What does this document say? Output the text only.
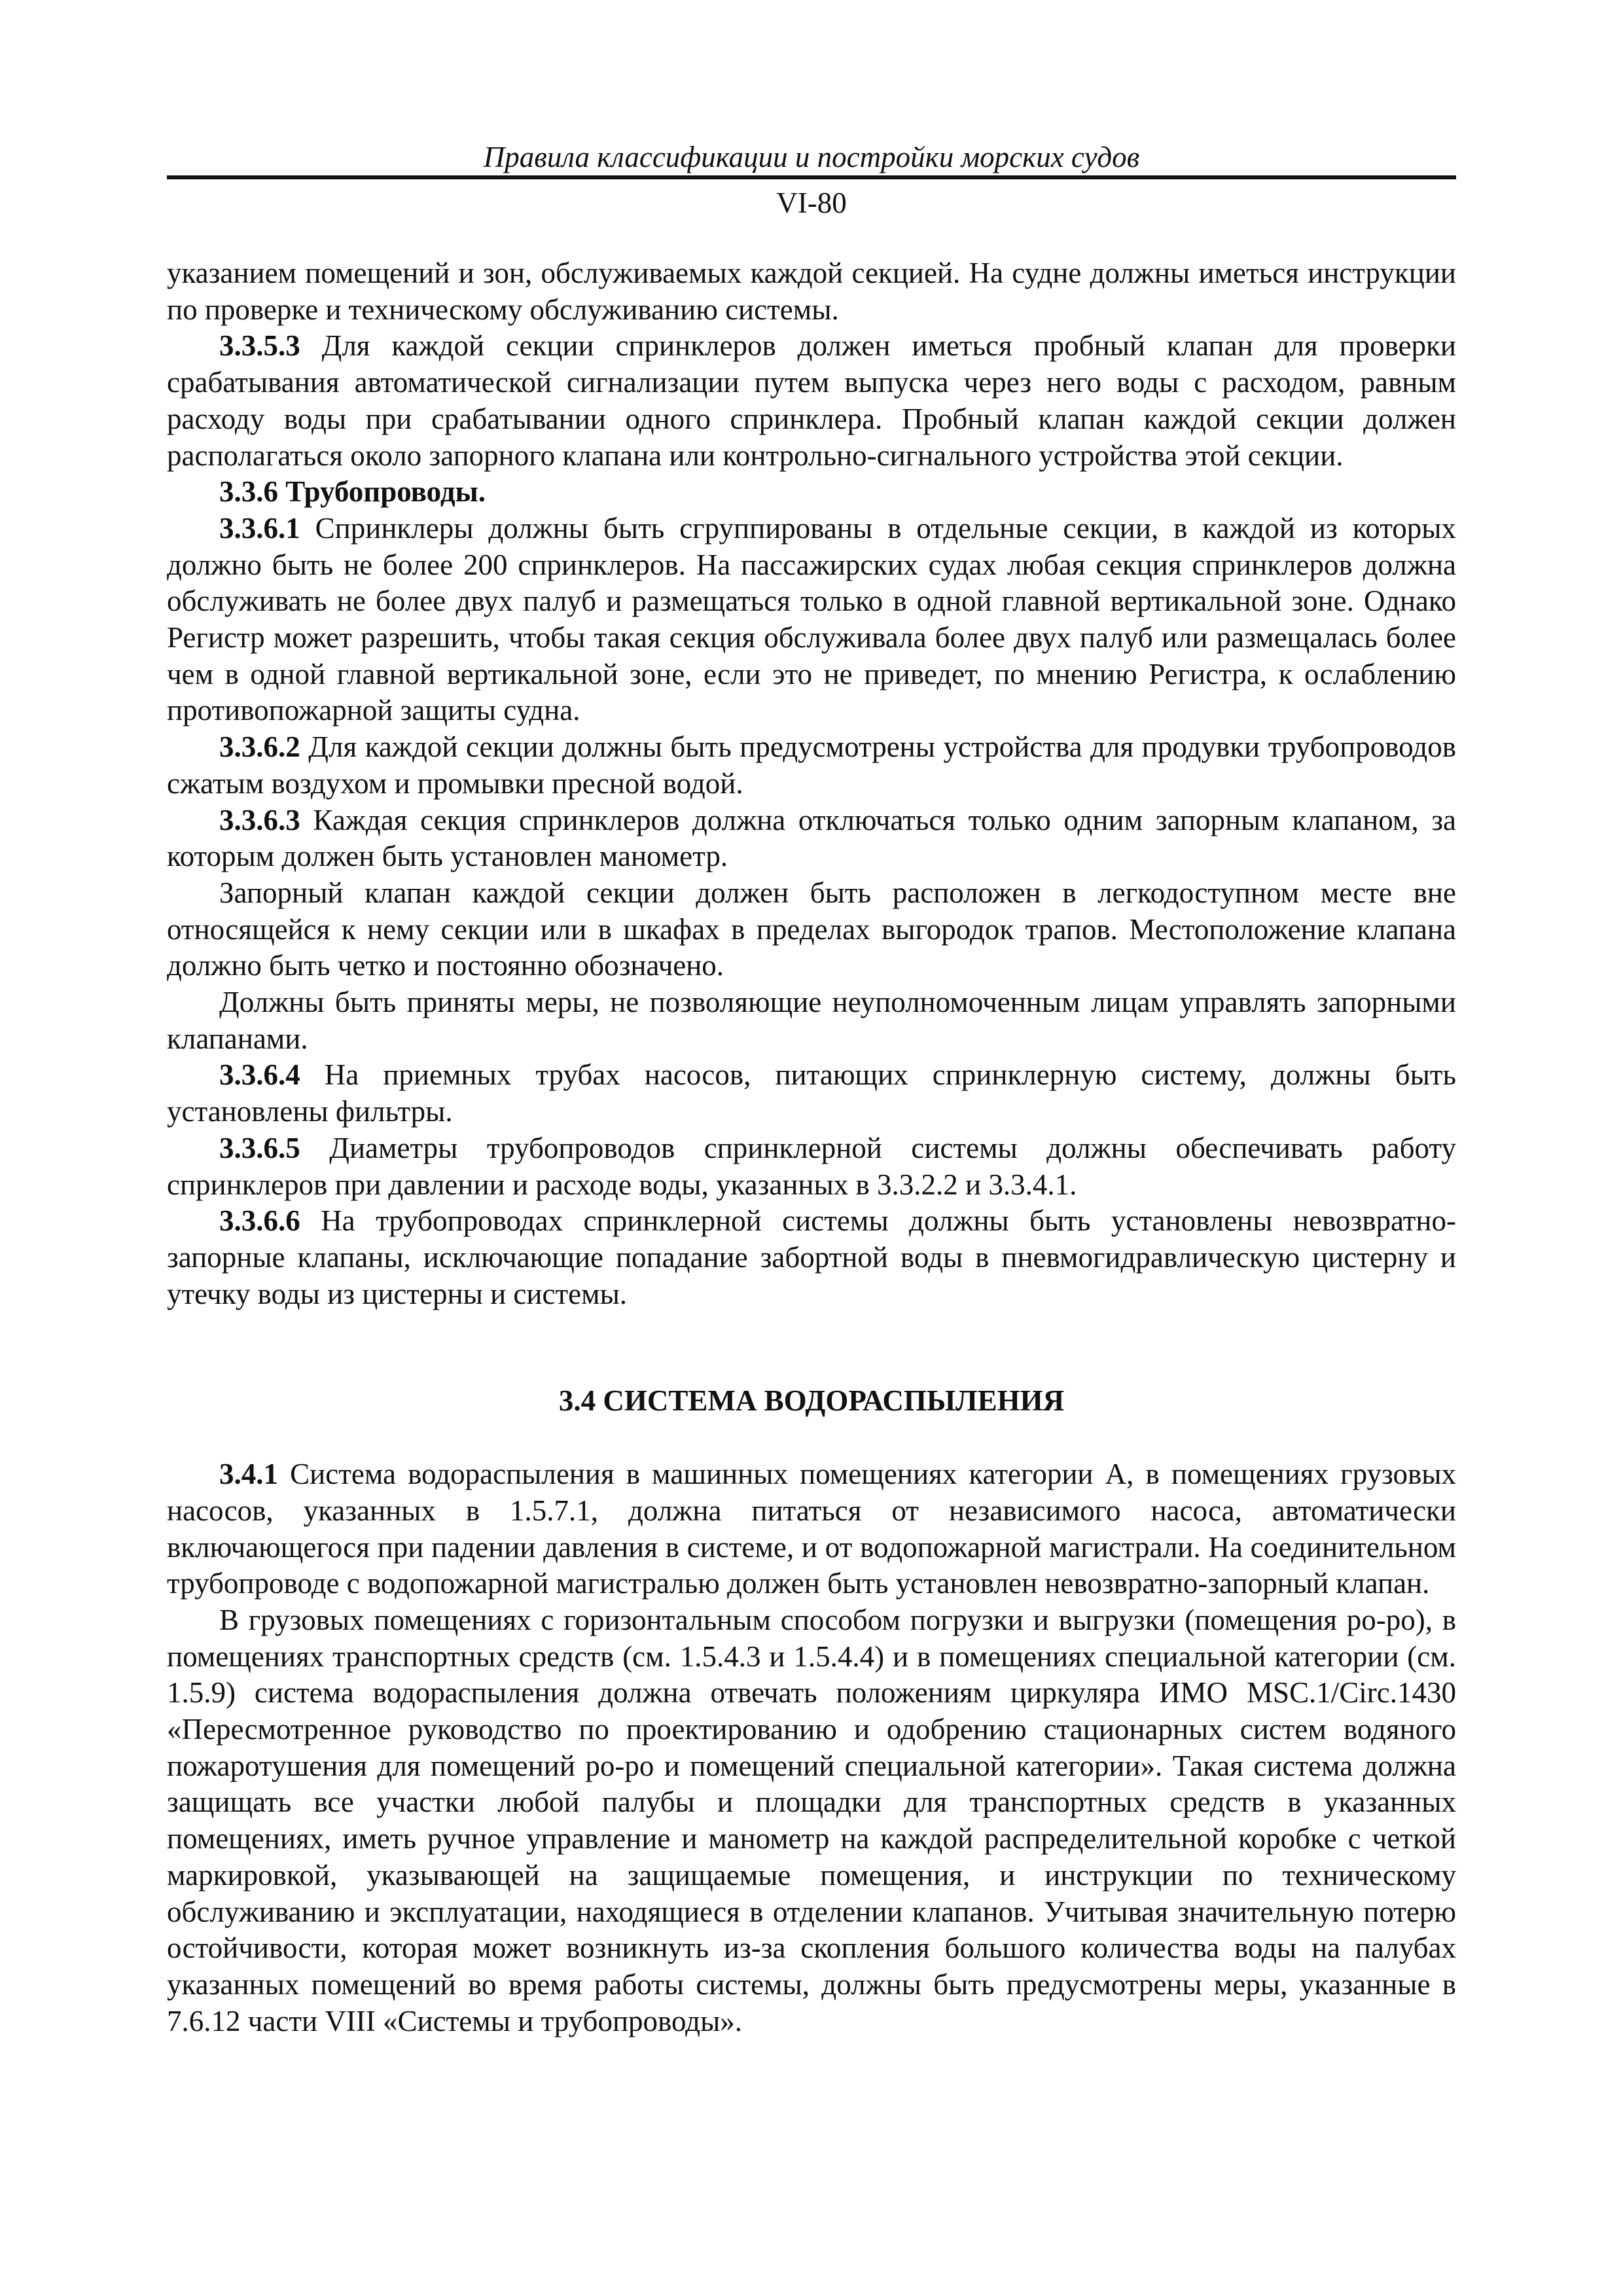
Правила классификации и постройки морских судов
VI-80

указанием помещений и зон, обслуживаемых каждой секцией. На судне должны иметься инструкции по проверке и техническому обслуживанию системы.

3.3.5.3 Для каждой секции спринклеров должен иметься пробный клапан для проверки срабатывания автоматической сигнализации путем выпуска через него воды с расходом, равным расходу воды при срабатывании одного спринклера. Пробный клапан каждой секции должен располагаться около запорного клапана или контрольно-сигнального устройства этой секции.

3.3.6 Трубопроводы.

3.3.6.1 Спринклеры должны быть сгруппированы в отдельные секции, в каждой из которых должно быть не более 200 спринклеров. На пассажирских судах любая секция спринклеров должна обслуживать не более двух палуб и размещаться только в одной главной вертикальной зоне. Однако Регистр может разрешить, чтобы такая секция обслуживала более двух палуб или размещалась более чем в одной главной вертикальной зоне, если это не приведет, по мнению Регистра, к ослаблению противопожарной защиты судна.

3.3.6.2 Для каждой секции должны быть предусмотрены устройства для продувки трубопроводов сжатым воздухом и промывки пресной водой.

3.3.6.3 Каждая секция спринклеров должна отключаться только одним запорным клапаном, за которым должен быть установлен манометр.

Запорный клапан каждой секции должен быть расположен в легкодоступном месте вне относящейся к нему секции или в шкафах в пределах выгородок трапов. Местоположение клапана должно быть четко и постоянно обозначено.

Должны быть приняты меры, не позволяющие неуполномоченным лицам управлять запорными клапанами.

3.3.6.4 На приемных трубах насосов, питающих спринклерную систему, должны быть установлены фильтры.

3.3.6.5 Диаметры трубопроводов спринклерной системы должны обеспечивать работу спринклеров при давлении и расходе воды, указанных в 3.3.2.2 и 3.3.4.1.

3.3.6.6 На трубопроводах спринклерной системы должны быть установлены невозвратно-запорные клапаны, исключающие попадание забортной воды в пневмогидравлическую цистерну и утечку воды из цистерны и системы.

3.4 СИСТЕМА ВОДОРАСПЫЛЕНИЯ

3.4.1 Система водораспыления в машинных помещениях категории А, в помещениях грузовых насосов, указанных в 1.5.7.1, должна питаться от независимого насоса, автоматически включающегося при падении давления в системе, и от водопожарной магистрали. На соединительном трубопроводе с водопожарной магистралью должен быть установлен невозвратно-запорный клапан.

В грузовых помещениях с горизонтальным способом погрузки и выгрузки (помещения ро-ро), в помещениях транспортных средств (см. 1.5.4.3 и 1.5.4.4) и в помещениях специальной категории (см. 1.5.9) система водораспыления должна отвечать положениям циркуляра ИМО MSC.1/Circ.1430 «Пересмотренное руководство по проектированию и одобрению стационарных систем водяного пожаротушения для помещений ро-ро и помещений специальной категории». Такая система должна защищать все участки любой палубы и площадки для транспортных средств в указанных помещениях, иметь ручное управление и манометр на каждой распределительной коробке с четкой маркировкой, указывающей на защищаемые помещения, и инструкции по техническому обслуживанию и эксплуатации, находящиеся в отделении клапанов. Учитывая значительную потерю остойчивости, которая может возникнуть из-за скопления большого количества воды на палубах указанных помещений во время работы системы, должны быть предусмотрены меры, указанные в 7.6.12 части VIII «Системы и трубопроводы».
